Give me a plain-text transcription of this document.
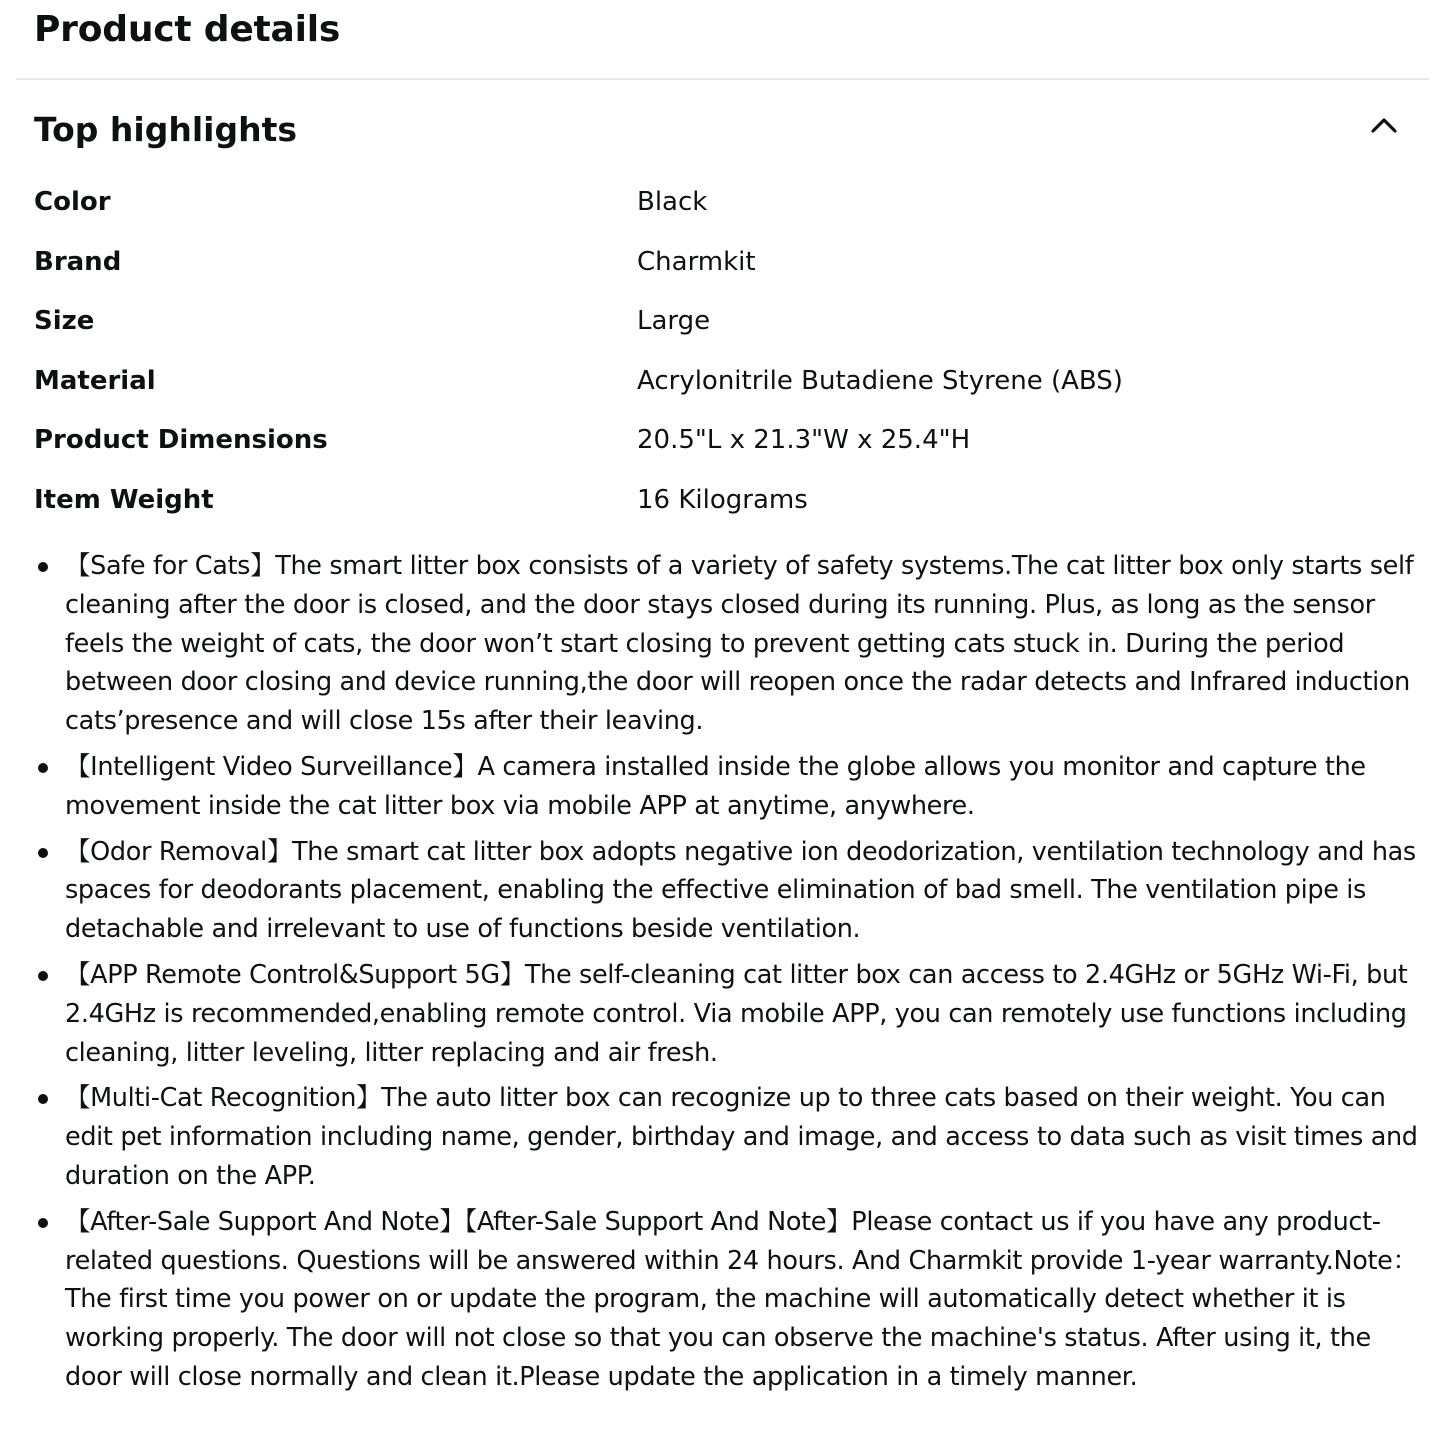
Product details
Top highlights
Color	Black
Brand	Charmkit
Size	Large
Material	Acrylonitrile Butadiene Styrene (ABS)
Product Dimensions	20.5"L x 21.3"W x 25.4"H
Item Weight	16 Kilograms
【Safe for Cats】The smart litter box consists of a variety of safety systems.The cat litter box only starts self cleaning after the door is closed, and the door stays closed during its running. Plus, as long as the sensor feels the weight of cats, the door won’t start closing to prevent getting cats stuck in. During the period between door closing and device running,the door will reopen once the radar detects and Infrared induction cats’presence and will close 15s after their leaving.
【Intelligent Video Surveillance】A camera installed inside the globe allows you monitor and capture the movement inside the cat litter box via mobile APP at anytime, anywhere.
【Odor Removal】The smart cat litter box adopts negative ion deodorization, ventilation technology and has spaces for deodorants placement, enabling the effective elimination of bad smell. The ventilation pipe is detachable and irrelevant to use of functions beside ventilation.
【APP Remote Control&Support 5G】The self-cleaning cat litter box can access to 2.4GHz or 5GHz Wi-Fi, but 2.4GHz is recommended,enabling remote control. Via mobile APP, you can remotely use functions including cleaning, litter leveling, litter replacing and air fresh.
【Multi-Cat Recognition】The auto litter box can recognize up to three cats based on their weight. You can edit pet information including name, gender, birthday and image, and access to data such as visit times and duration on the APP.
【After-Sale Support And Note】【After-Sale Support And Note】Please contact us if you have any product-related questions. Questions will be answered within 24 hours. And Charmkit provide 1-year warranty.Note：The first time you power on or update the program, the machine will automatically detect whether it is working properly. The door will not close so that you can observe the machine's status. After using it, the door will close normally and clean it.Please update the application in a timely manner.
